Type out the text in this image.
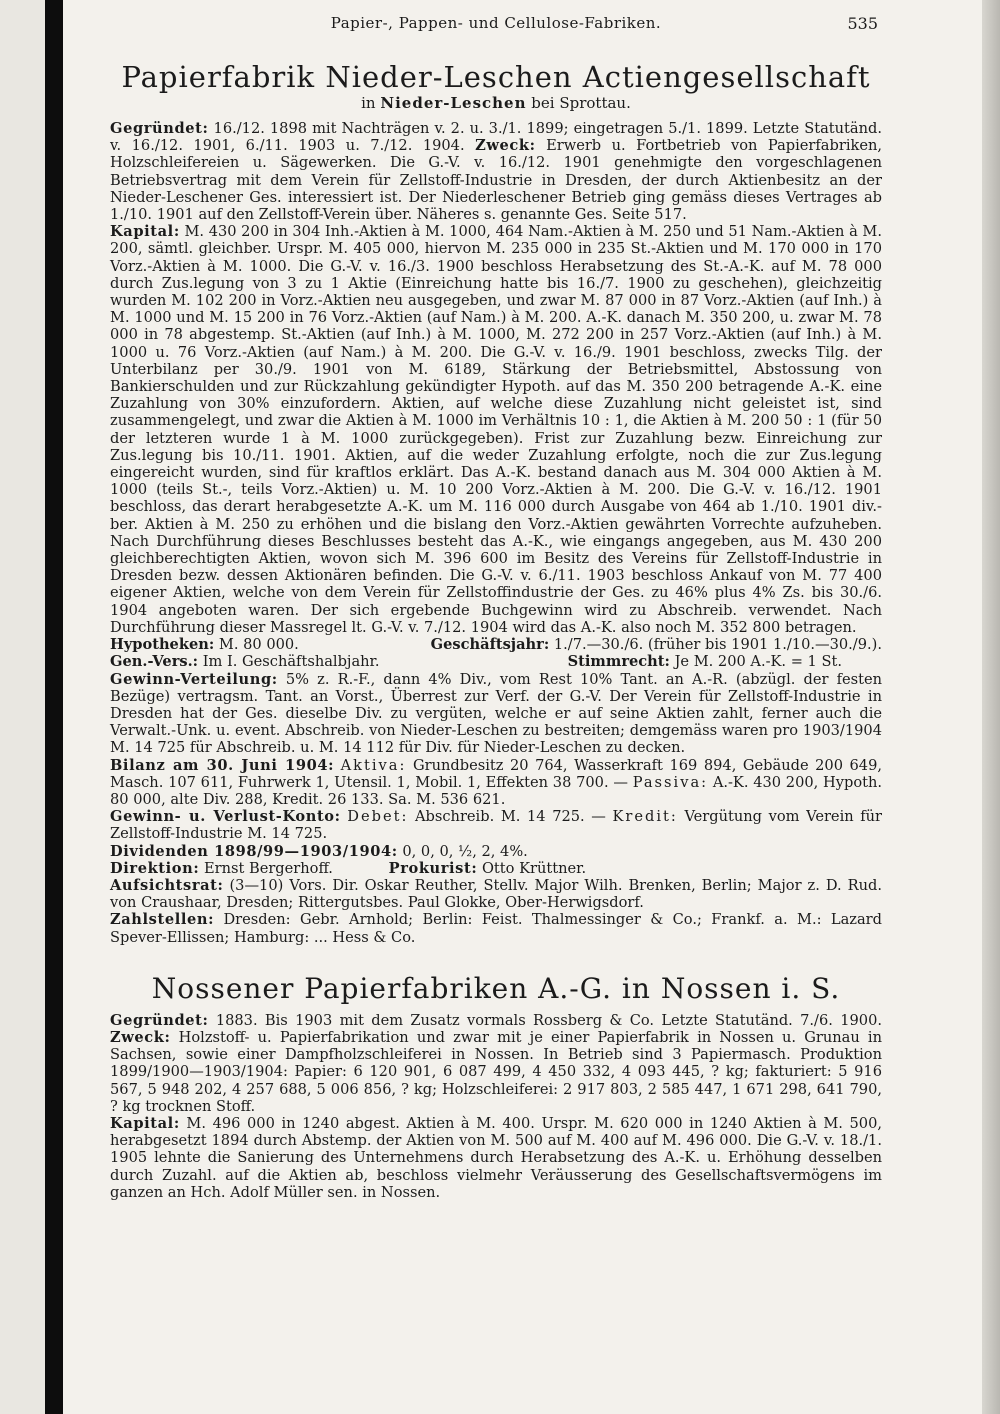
Papier-, Pappen- und Cellulose-Fabriken.	535
Papierfabrik Nieder-Leschen Actiengesellschaft
in Nieder-Leschen bei Sprottau.

Gegründet: 16./12. 1898 mit Nachträgen v. 2. u. 3./1. 1899; eingetragen 5./1. 1899. Letzte Statutänd. v. 16./12. 1901, 6./11. 1903 u. 7./12. 1904. Zweck: Erwerb u. Fortbetrieb von Papierfabriken, Holzschleifereien u. Sägewerken. Die G.-V. v. 16./12. 1901 genehmigte den vorgeschlagenen Betriebsvertrag mit dem Verein für Zellstoff-Industrie in Dresden, der durch Aktienbesitz an der Nieder-Leschener Ges. interessiert ist. Der Niederleschener Betrieb ging gemäss dieses Vertrages ab 1./10. 1901 auf den Zellstoff-Verein über. Näheres s. genannte Ges. Seite 517.

Kapital: M. 430 200 in 304 Inh.-Aktien à M. 1000, 464 Nam.-Aktien à M. 250 und 51 Nam.-Aktien à M. 200, sämtl. gleichber. Urspr. M. 405 000, hiervon M. 235 000 in 235 St.-Aktien und M. 170 000 in 170 Vorz.-Aktien à M. 1000. Die G.-V. v. 16./3. 1900 beschloss Herabsetzung des St.-A.-K. auf M. 78 000 durch Zus.legung von 3 zu 1 Aktie (Einreichung hatte bis 16./7. 1900 zu geschehen), gleichzeitig wurden M. 102 200 in Vorz.-Aktien neu ausgegeben, und zwar M. 87 000 in 87 Vorz.-Aktien (auf Inh.) à M. 1000 und M. 15 200 in 76 Vorz.-Aktien (auf Nam.) à M. 200. A.-K. danach M. 350 200, u. zwar M. 78 000 in 78 abgestemp. St.-Aktien (auf Inh.) à M. 1000, M. 272 200 in 257 Vorz.-Aktien (auf Inh.) à M. 1000 u. 76 Vorz.-Aktien (auf Nam.) à M. 200. Die G.-V. v. 16./9. 1901 beschloss, zwecks Tilg. der Unterbilanz per 30./9. 1901 von M. 6189, Stärkung der Betriebsmittel, Abstossung von Bankierschulden und zur Rückzahlung gekündigter Hypoth. auf das M. 350 200 betragende A.-K. eine Zuzahlung von 30% einzufordern. Aktien, auf welche diese Zuzahlung nicht geleistet ist, sind zusammengelegt, und zwar die Aktien à M. 1000 im Verhältnis 10 : 1, die Aktien à M. 200 50 : 1 (für 50 der letzteren wurde 1 à M. 1000 zurückgegeben). Frist zur Zuzahlung bezw. Einreichung zur Zus.legung bis 10./11. 1901. Aktien, auf die weder Zuzahlung erfolgte, noch die zur Zus.legung eingereicht wurden, sind für kraftlos erklärt. Das A.-K. bestand danach aus M. 304 000 Aktien à M. 1000 (teils St.-, teils Vorz.-Aktien) u. M. 10 200 Vorz.-Aktien à M. 200. Die G.-V. v. 16./12. 1901 beschloss, das derart herabgesetzte A.-K. um M. 116 000 durch Ausgabe von 464 ab 1./10. 1901 div.-ber. Aktien à M. 250 zu erhöhen und die bislang den Vorz.-Aktien gewährten Vorrechte aufzuheben. Nach Durchführung dieses Beschlusses besteht das A.-K., wie eingangs angegeben, aus M. 430 200 gleichberechtigten Aktien, wovon sich M. 396 600 im Besitz des Vereins für Zellstoff-Industrie in Dresden bezw. dessen Aktionären befinden. Die G.-V. v. 6./11. 1903 beschloss Ankauf von M. 77 400 eigener Aktien, welche von dem Verein für Zellstoffindustrie der Ges. zu 46% plus 4% Zs. bis 30./6. 1904 angeboten waren. Der sich ergebende Buchgewinn wird zu Abschreib. verwendet. Nach Durchführung dieser Massregel lt. G.-V. v. 7./12. 1904 wird das A.-K. also noch M. 352 800 betragen.

Hypotheken: M. 80 000.	Geschäftsjahr: 1./7.—30./6. (früher bis 1901 1./10.—30./9.).
Gen.-Vers.: Im I. Geschäftshalbjahr.	Stimmrecht: Je M. 200 A.-K. = 1 St.

Gewinn-Verteilung: 5% z. R.-F., dann 4% Div., vom Rest 10% Tant. an A.-R. (abzügl. der festen Bezüge) vertragsm. Tant. an Vorst., Überrest zur Verf. der G.-V. Der Verein für Zellstoff-Industrie in Dresden hat der Ges. dieselbe Div. zu vergüten, welche er auf seine Aktien zahlt, ferner auch die Verwalt.-Unk. u. event. Abschreib. von Nieder-Leschen zu bestreiten; demgemäss waren pro 1903/1904 M. 14 725 für Abschreib. u. M. 14 112 für Div. für Nieder-Leschen zu decken.

Bilanz am 30. Juni 1904: Aktiva: Grundbesitz 20 764, Wasserkraft 169 894, Gebäude 200 649, Masch. 107 611, Fuhrwerk 1, Utensil. 1, Mobil. 1, Effekten 38 700. — Passiva: A.-K. 430 200, Hypoth. 80 000, alte Div. 288, Kredit. 26 133. Sa. M. 536 621.

Gewinn- u. Verlust-Konto: Debet: Abschreib. M. 14 725. — Kredit: Vergütung vom Verein für Zellstoff-Industrie M. 14 725.

Dividenden 1898/99—1903/1904: 0, 0, 0, ½, 2, 4%.

Direktion: Ernst Bergerhoff.	Prokurist: Otto Krüttner.

Aufsichtsrat: (3—10) Vors. Dir. Oskar Reuther, Stellv. Major Wilh. Brenken, Berlin; Major z. D. Rud. von Craushaar, Dresden; Rittergutsbes. Paul Glokke, Ober-Herwigsdorf.

Zahlstellen: Dresden: Gebr. Arnhold; Berlin: Feist. Thalmessinger & Co.; Frankf. a. M.: Lazard Spever-Ellissen; Hamburg: ... Hess & Co.

Nossener Papierfabriken A.-G. in Nossen i. S.

Gegründet: 1883. Bis 1903 mit dem Zusatz vormals Rossberg & Co. Letzte Statutänd. 7./6. 1900. Zweck: Holzstoff- u. Papierfabrikation und zwar mit je einer Papierfabrik in Nossen u. Grunau in Sachsen, sowie einer Dampfholzschleiferei in Nossen. In Betrieb sind 3 Papiermasch. Produktion 1899/1900—1903/1904: Papier: 6 120 901, 6 087 499, 4 450 332, 4 093 445, ? kg; fakturiert: 5 916 567, 5 948 202, 4 257 688, 5 006 856, ? kg; Holzschleiferei: 2 917 803, 2 585 447, 1 671 298, 641 790, ? kg trocknen Stoff.

Kapital: M. 496 000 in 1240 abgest. Aktien à M. 400. Urspr. M. 620 000 in 1240 Aktien à M. 500, herabgesetzt 1894 durch Abstemp. der Aktien von M. 500 auf M. 400 auf M. 496 000. Die G.-V. v. 18./1. 1905 lehnte die Sanierung des Unternehmens durch Herabsetzung des A.-K. u. Erhöhung desselben durch Zuzahl. auf die Aktien ab, beschloss vielmehr Veräusserung des Gesellschaftsvermögens im ganzen an Hch. Adolf Müller sen. in Nossen.
